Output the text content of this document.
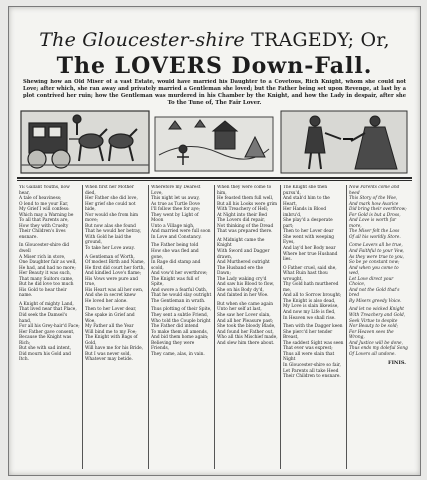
The Gloucester-shire TRAGEDY; Or,
The LOVERS Down-Fall.
Shewing how an Old Miser of a vast Estate, would have married his Daughter to a Covetous, Rich Knight, whom she could not Love; after which, she ran away and privately married a Gentleman she loved; but the Father being set upon Revenge, at last by a plot contrived her ruin; how the Gentleman was murdered in his Chamber by the Knight, and how the Lady in despair, after she
To the Tune of, The Fair Lover.
YE Gallant Youths, now hear,
A tale of heaviness;
O lend to me your Ear,
My Grief I will confess:
Which may a Warning be
To all that Parents are,
How they with Cruelty
Their Children's lives ensnare.
In Gloucester-shire did dwell
A Miser rich in store,
One Daughter fair as well,
He had, and had no more;
Her Beauty it was such,
That many Suitors came,
But he did love too much
His Gold to hear their name.
A Knight of mighty Land,
That lived near that Place,
Did seek the Damsel's hand,
For all his Grey-hair'd Face;
Her Father gave consent,
Because the Knight was Rich;
But she with sad intent,
Did mourn his Gold and Itch.
When first her Mother died,
Her Father she did love,
Her grief she could not hide,
Nor would she from him move;
But now alas she found
That he would her betray,
With Gold he laid the ground,
To take her Love away.
A Gentleman of Worth,
Of modest Birth and Name,
He first did court her forth,
And kindled Love's flame;
His Vows were pure and true,
His Heart was all her own,
And she in secret knew
He loved her alone.
Then to her Lover dear,
She spake in Grief and Woe,
My Father all the Year
Will bind me to my Foe;
The Knight with Bags of Gold,
Will have me for his Bride,
But I was never sold,
Whatever may betide.
Wherefore my Dearest Love,
This night let us away,
As true as Turtle Dove
I'll follow thee for aye;
They went by Light of Moon
Unto a Village nigh,
And married were full soon
In Love and Constancy.
The Father being told
How she was fled and gone,
In Rage did stamp and scold,
And vow'd her overthrow;
The Knight was full of Spite,
And swore a fearful Oath,
That he would slay outright
The Gentleman in wrath.
Thus plotting of their Spite,
They sent a subtle Friend,
Who told the Couple bright
The Father did intend
To make them all amends,
And bid them home again;
Believing they were Friends,
They came, alas, in vain.
When they were come to him,
He feasted them full well,
But all his Looks were grim
With Treachery of Hell;
At Night into their Bed
The Lovers did repair,
Not thinking of the Dread
That was prepared there.
At Midnight came the Knight
With Sword and Dagger drawn,
And Murthered outright
The Husband ere the Dawn;
The Lady waking cry'd
And saw his Blood to flow,
She on his Body dy'd,
And fainted in her Woe.
But when she came again
Unto her self at last,
She saw her Lover slain,
And all her Pleasure past;
She took the bloody Blade,
And found her Father out,
Who all this Mischief made,
And slew him there about.
The Knight she then pursu'd,
And stab'd him to the Heart,
Her Hands in Blood imbru'd,
She play'd a desperate part;
Then to her Lover dear
She went with weeping Eyes,
And lay'd her Body near
Where her true Husband lies.
O Father cruel, said she,
What Ruin hast thou wrought,
Thy Gold hath murthered me,
And all to Sorrow brought;
The Knight is also dead,
My Love is slain likewise,
And now my Life is fled,
In Heaven we shall rise.
Then with the Dagger keen
She pierc'd her tender Breast,
The saddest Sight was seen
That ever was exprest;
Thus all were slain that Night
In Gloucester-shire so fair,
Let Parents all take Heed
Their Children to ensnare.
Now Parents come and heed
This Story of the Woe,
And mark how Avarice
Did bring their overthrow;
For Gold is but a Dross,
And Love is worth far more,
The Miser felt the Loss
Of all his worldly Store.
Come Lovers all be true,
And Faithful to your Vow,
As they were true to you,
So be ye constant now;
And when you come to wed,
Let Love direct your Choice,
And not the Gold that's bred
By Misers greedy Voice.
And let no wicked Knight
With Treachery and Gold,
Seek Virtue to despite
Nor Beauty to be sold;
For Heaven sees the Wrong,
And Justice will be done,
Thus ends my doleful Song
Of Lovers all undone.
FINIS.
